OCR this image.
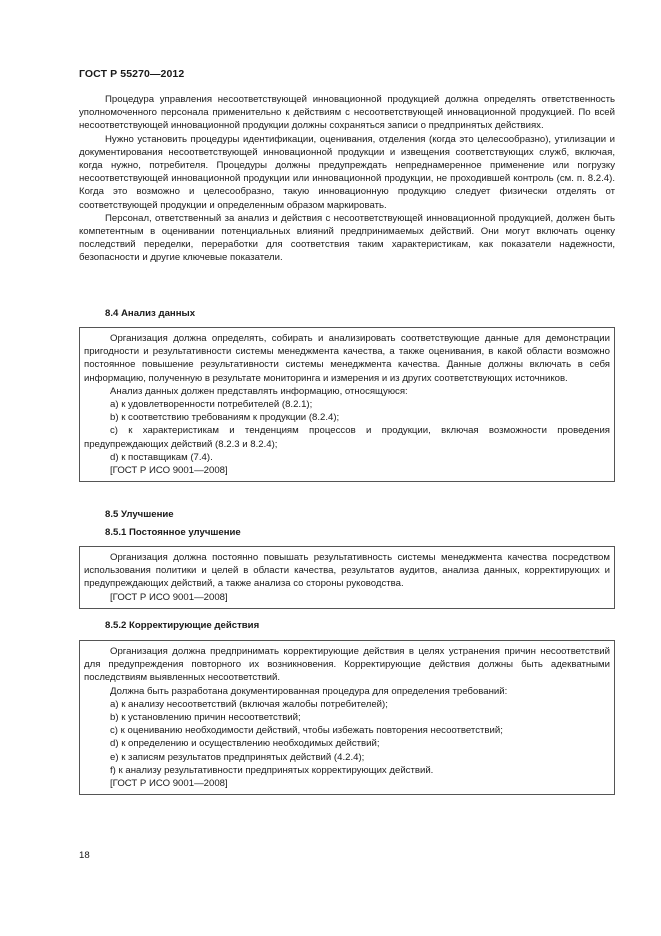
ГОСТ Р 55270—2012

Процедура управления несоответствующей инновационной продукцией должна определять ответственность уполномоченного персонала применительно к действиям с несоответствующей инновационной продукцией. По всей несоответствующей инновационной продукции должны сохраняться записи о предпринятых действиях.

Нужно установить процедуры идентификации, оценивания, отделения (когда это целесообразно), утилизации и документирования несоответствующей инновационной продукции и извещения соответствующих служб, включая, когда нужно, потребителя. Процедуры должны предупреждать непреднамеренное применение или погрузку несоответствующей инновационной продукции или инновационной продукции, не проходившей контроль (см. п. 8.2.4). Когда это возможно и целесообразно, такую инновационную продукцию следует физически отделять от соответствующей продукции и определенным образом маркировать.

Персонал, ответственный за анализ и действия с несоответствующей инновационной продукцией, должен быть компетентным в оценивании потенциальных влияний предпринимаемых действий. Они могут включать оценку последствий переделки, переработки для соответствия таким характеристикам, как показатели надежности, безопасности и другие ключевые показатели.

8.4 Анализ данных

Организация должна определять, собирать и анализировать соответствующие данные для демонстрации пригодности и результативности системы менеджмента качества, а также оценивания, в какой области возможно постоянное повышение результативности системы менеджмента качества. Данные должны включать в себя информацию, полученную в результате мониторинга и измерения и из других соответствующих источников.

Анализ данных должен представлять информацию, относящуюся:

a) к удовлетворенности потребителей (8.2.1);

b) к соответствию требованиям к продукции (8.2.4);

c) к характеристикам и тенденциям процессов и продукции, включая возможности проведения предупреждающих действий (8.2.3 и 8.2.4);

d) к поставщикам (7.4).

[ГОСТ Р ИСО 9001—2008]

8.5 Улучшение
8.5.1 Постоянное улучшение

Организация должна постоянно повышать результативность системы менеджмента качества посредством использования политики и целей в области качества, результатов аудитов, анализа данных, корректирующих и предупреждающих действий, а также анализа со стороны руководства.

[ГОСТ Р ИСО 9001—2008]

8.5.2 Корректирующие действия

Организация должна предпринимать корректирующие действия в целях устранения причин несоответствий для предупреждения повторного их возникновения. Корректирующие действия должны быть адекватными последствиям выявленных несоответствий.

Должна быть разработана документированная процедура для определения требований:

a) к анализу несоответствий (включая жалобы потребителей);

b) к установлению причин несоответствий;

c) к оцениванию необходимости действий, чтобы избежать повторения несоответствий;

d) к определению и осуществлению необходимых действий;

e) к записям результатов предпринятых действий (4.2.4);

f) к анализу результативности предпринятых корректирующих действий.

[ГОСТ Р ИСО 9001—2008]

18
